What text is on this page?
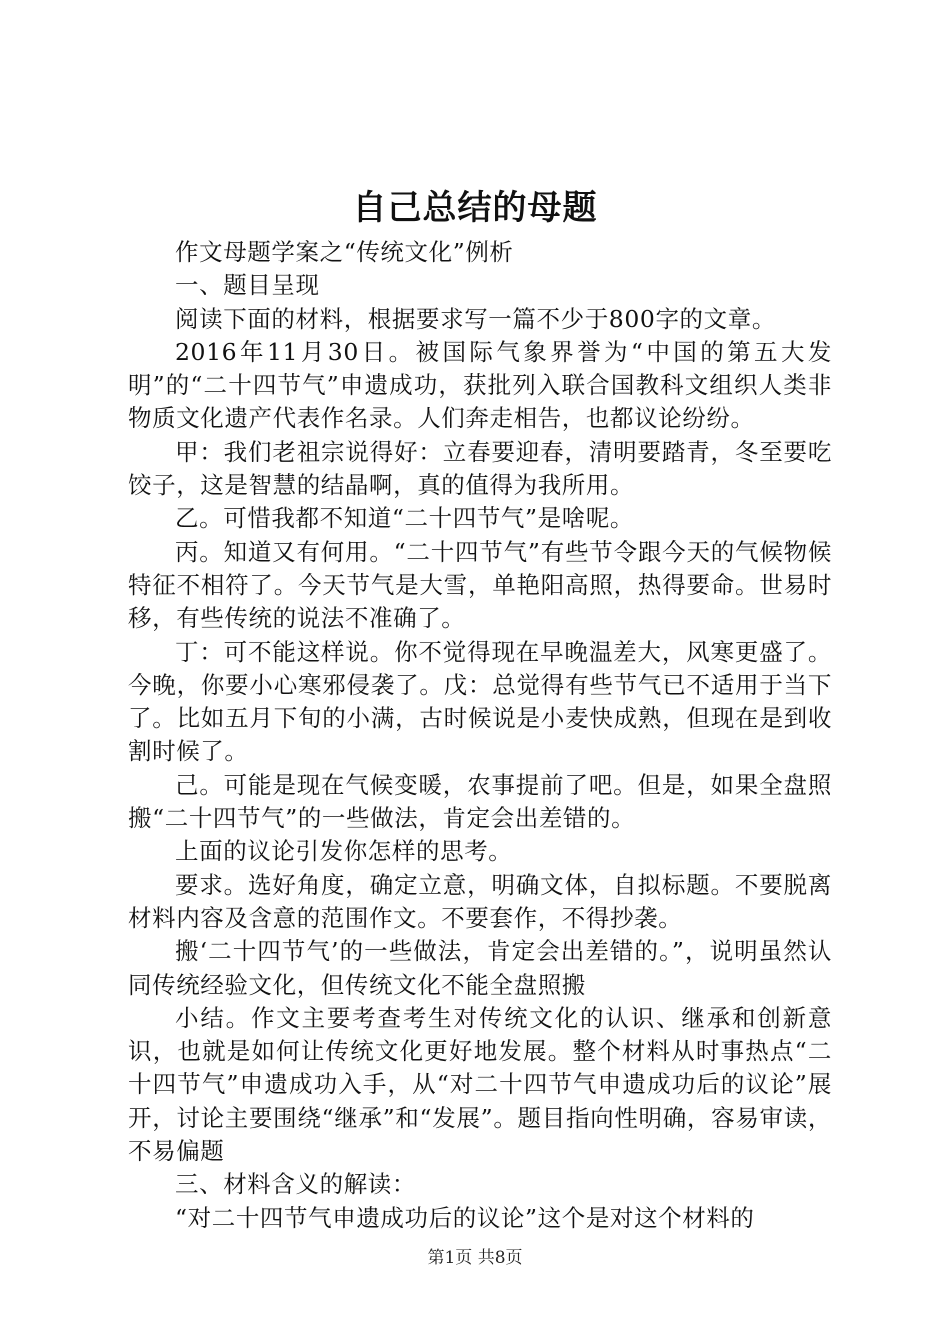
自己总结的母题

作文母题学案之“传统文化”例析

一、题目呈现

阅读下面的材料，根据要求写一篇不少于800字的文章。

2016年11月30日。被国际气象界誉为“中国的第五大发明”的“二十四节气”申遗成功，获批列入联合国教科文组织人类非物质文化遗产代表作名录。人们奔走相告，也都议论纷纷。

甲：我们老祖宗说得好：立春要迎春，清明要踏青，冬至要吃饺子，这是智慧的结晶啊，真的值得为我所用。

乙。可惜我都不知道“二十四节气”是啥呢。

丙。知道又有何用。“二十四节气”有些节令跟今天的气候物候特征不相符了。今天节气是大雪，单艳阳高照，热得要命。世易时移，有些传统的说法不准确了。

丁：可不能这样说。你不觉得现在早晚温差大，风寒更盛了。今晚，你要小心寒邪侵袭了。戊：总觉得有些节气已不适用于当下了。比如五月下旬的小满，古时候说是小麦快成熟，但现在是到收割时候了。

己。可能是现在气候变暖，农事提前了吧。但是，如果全盘照搬“二十四节气”的一些做法，肯定会出差错的。

上面的议论引发你怎样的思考。

要求。选好角度，确定立意，明确文体，自拟标题。不要脱离材料内容及含意的范围作文。不要套作，不得抄袭。

搬‘二十四节气’的一些做法，肯定会出差错的。”，说明虽然认同传统经验文化，但传统文化不能全盘照搬

小结。作文主要考查考生对传统文化的认识、继承和创新意识，也就是如何让传统文化更好地发展。整个材料从时事热点“二十四节气”申遗成功入手，从“对二十四节气申遗成功后的议论”展开，讨论主要围绕“继承”和“发展”。题目指向性明确，容易审读，不易偏题

三、材料含义的解读：

“对二十四节气申遗成功后的议论”这个是对这个材料的

第1页 共8页
